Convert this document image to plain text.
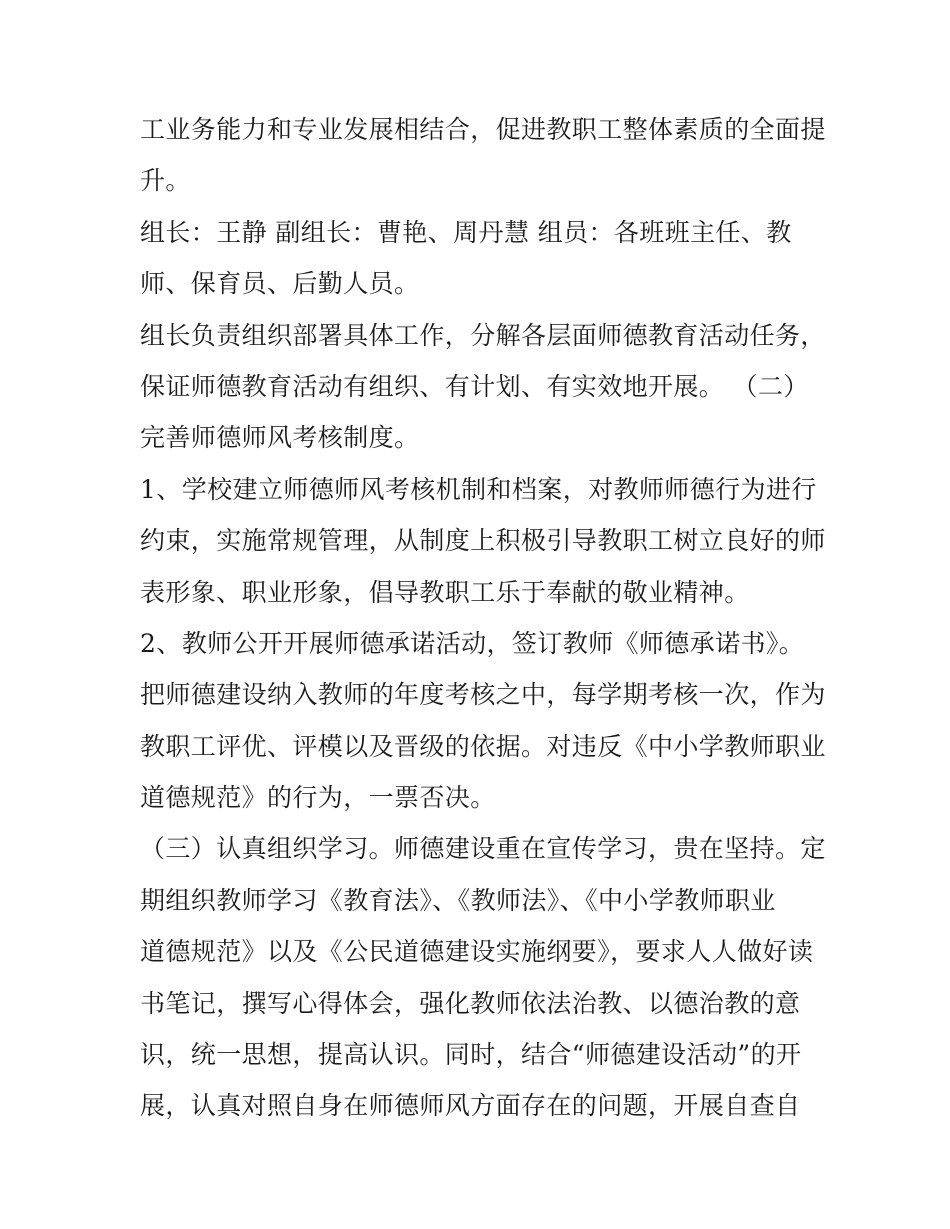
工业务能力和专业发展相结合，促进教职工整体素质的全面提
升。
组长：王静 副组长：曹艳、周丹慧 组员：各班班主任、教
师、保育员、后勤人员。
组长负责组织部署具体工作，分解各层面师德教育活动任务，
保证师德教育活动有组织、有计划、有实效地开展。 （二）
完善师德师风考核制度。
1、学校建立师德师风考核机制和档案，对教师师德行为进行
约束，实施常规管理，从制度上积极引导教职工树立良好的师
表形象、职业形象，倡导教职工乐于奉献的敬业精神。
2、教师公开开展师德承诺活动，签订教师《师德承诺书》。
把师德建设纳入教师的年度考核之中，每学期考核一次，作为
教职工评优、评模以及晋级的依据。对违反《中小学教师职业
道德规范》的行为，一票否决。
（三）认真组织学习。师德建设重在宣传学习，贵在坚持。定
期组织教师学习《教育法》、《教师法》、《中小学教师职业
道德规范》以及《公民道德建设实施纲要》，要求人人做好读
书笔记，撰写心得体会，强化教师依法治教、以德治教的意
识，统一思想，提高认识。同时，结合“师德建设活动”的开
展，认真对照自身在师德师风方面存在的问题，开展自查自
